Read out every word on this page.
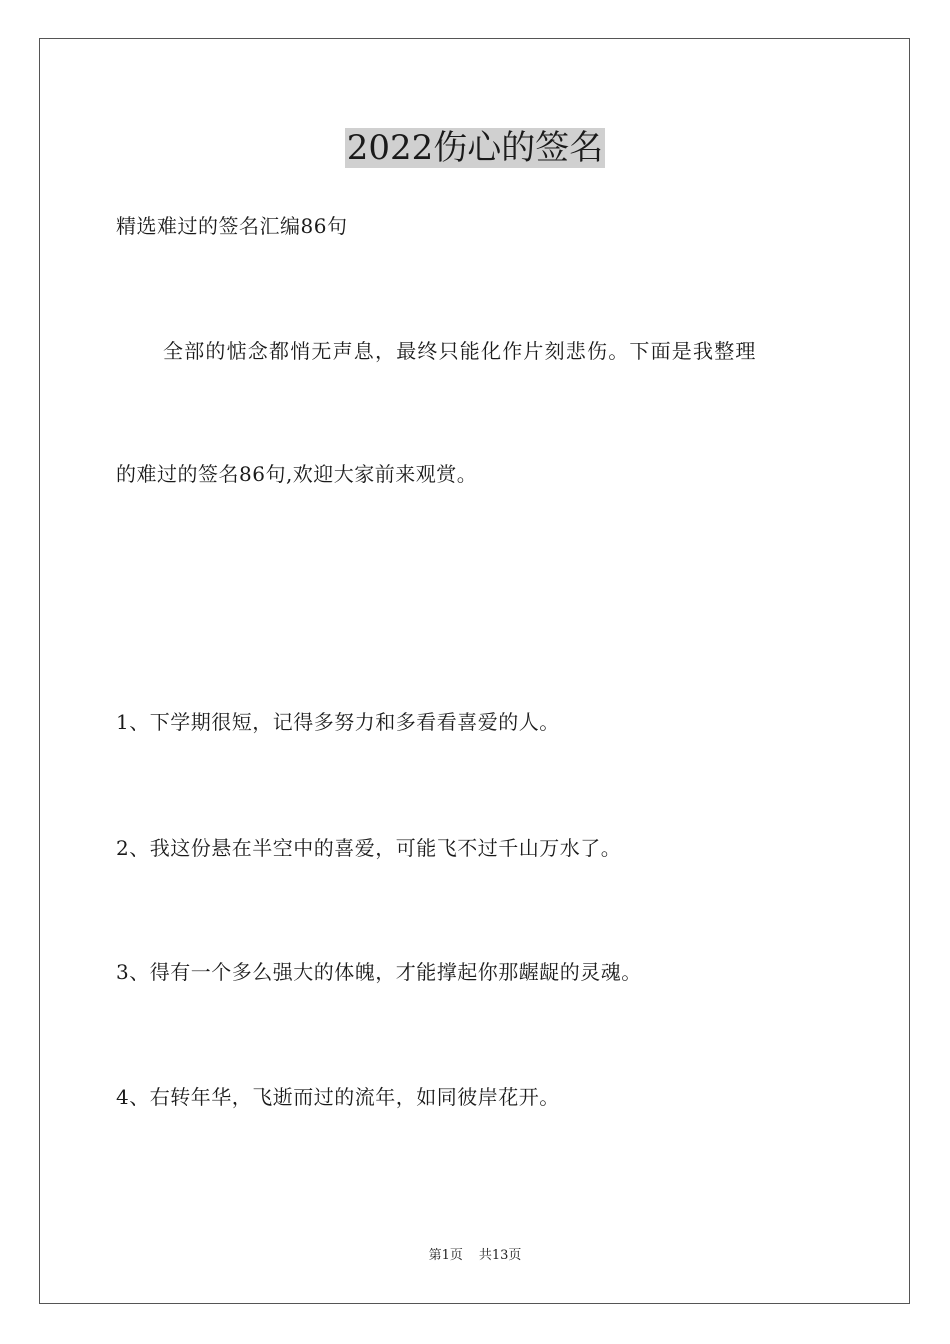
2022伤心的签名
精选难过的签名汇编86句
全部的惦念都悄无声息，最终只能化作片刻悲伤。下面是我整理
的难过的签名86句,欢迎大家前来观赏。
1、下学期很短，记得多努力和多看看喜爱的人。
2、我这份悬在半空中的喜爱，可能飞不过千山万水了。
3、得有一个多么强大的体魄，才能撑起你那龌龊的灵魂。
4、右转年华，飞逝而过的流年，如同彼岸花开。
第1页 共13页
